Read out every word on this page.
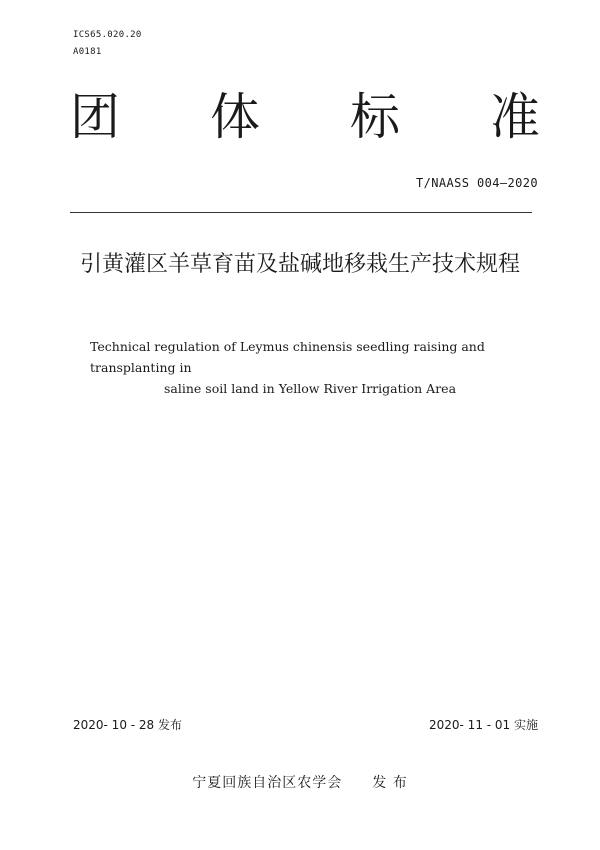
ICS65.020.20
A0181
团 体 标 准
T/NAASS 004—2020
引黄灌区羊草育苗及盐碱地移栽生产技术规程
Technical regulation of Leymus chinensis seedling raising and transplanting in
saline soil land in Yellow River Irrigation Area
2020- 10 - 28 发布	2020- 11 - 01 实施
宁夏回族自治区农学会 发 布
